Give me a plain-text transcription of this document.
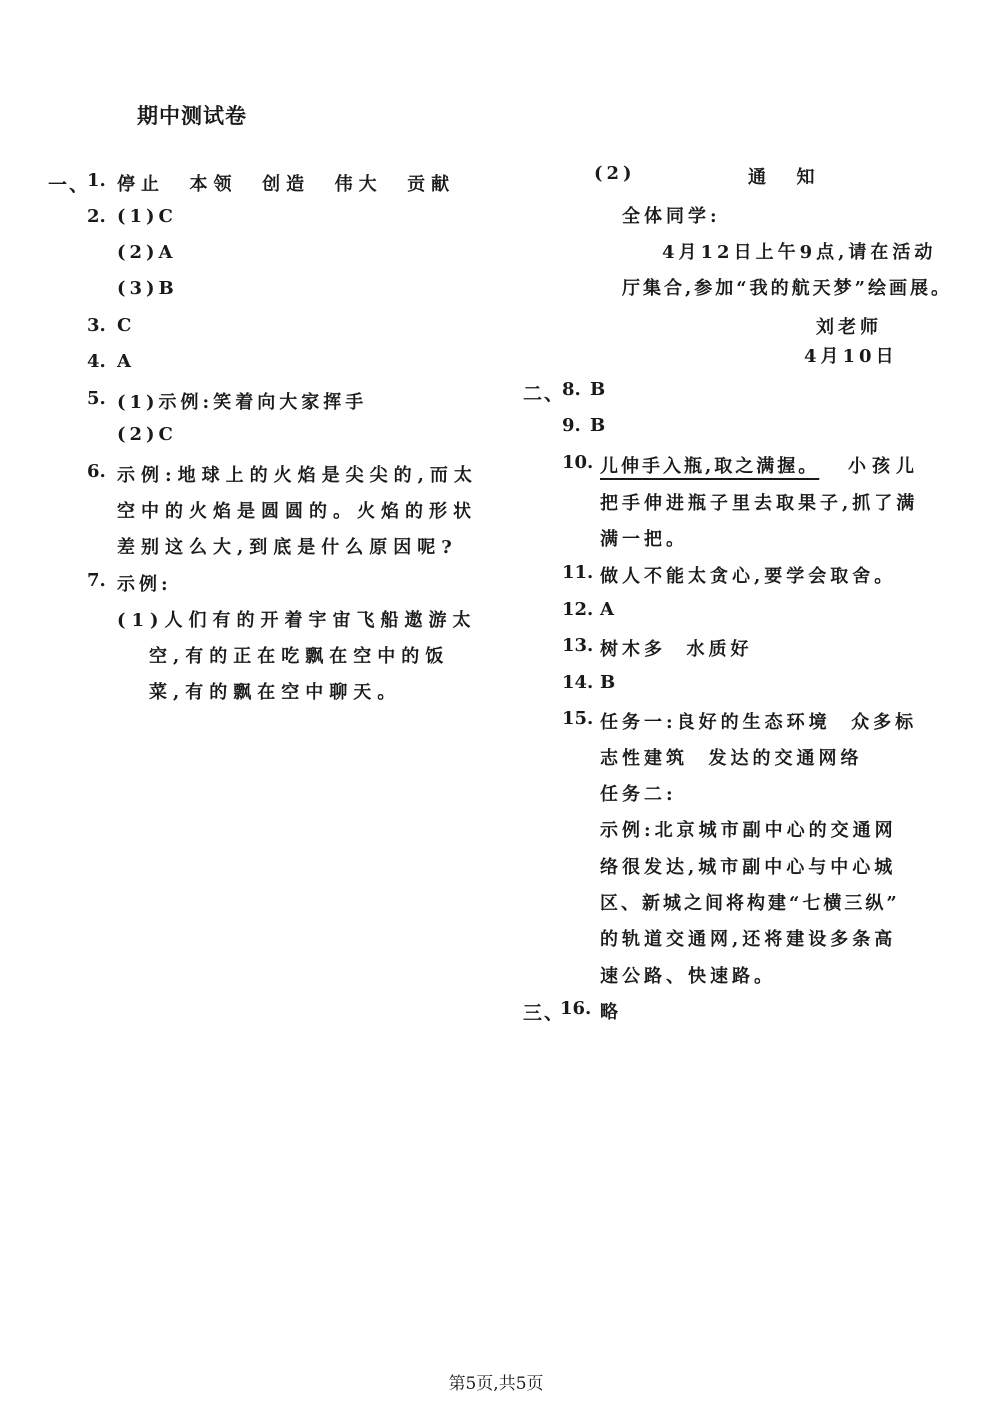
期中测试卷
一、
1. 停止  本领  创造  伟大  贡献
2. (1)C
(2)A
(3)B
3. C
4. A
5. (1)示例:笑着向大家挥手
(2)C
6. 示例:地球上的火焰是尖尖的,而太
空中的火焰是圆圆的。火焰的形状
差别这么大,到底是什么原因呢?
7. 示例:
(1)人们有的开着宇宙飞船遨游太
空,有的正在吃飘在空中的饭
菜,有的飘在空中聊天。
(2)	通  知
全体同学:
4月12日上午9点,请在活动
厅集合,参加“我的航天梦”绘画展。
刘老师
4月10日
二、
8. B
9. B
10. 儿伸手入瓶,取之满握。 小孩儿
把手伸进瓶子里去取果子,抓了满
满一把。
11. 做人不能太贪心,要学会取舍。
12. A
13. 树木多  水质好
14. B
15. 任务一:良好的生态环境  众多标
志性建筑  发达的交通网络
任务二:
示例:北京城市副中心的交通网
络很发达,城市副中心与中心城
区、新城之间将构建“七横三纵”
的轨道交通网,还将建设多条高
速公路、快速路。
三、
16. 略
第5页,共5页
